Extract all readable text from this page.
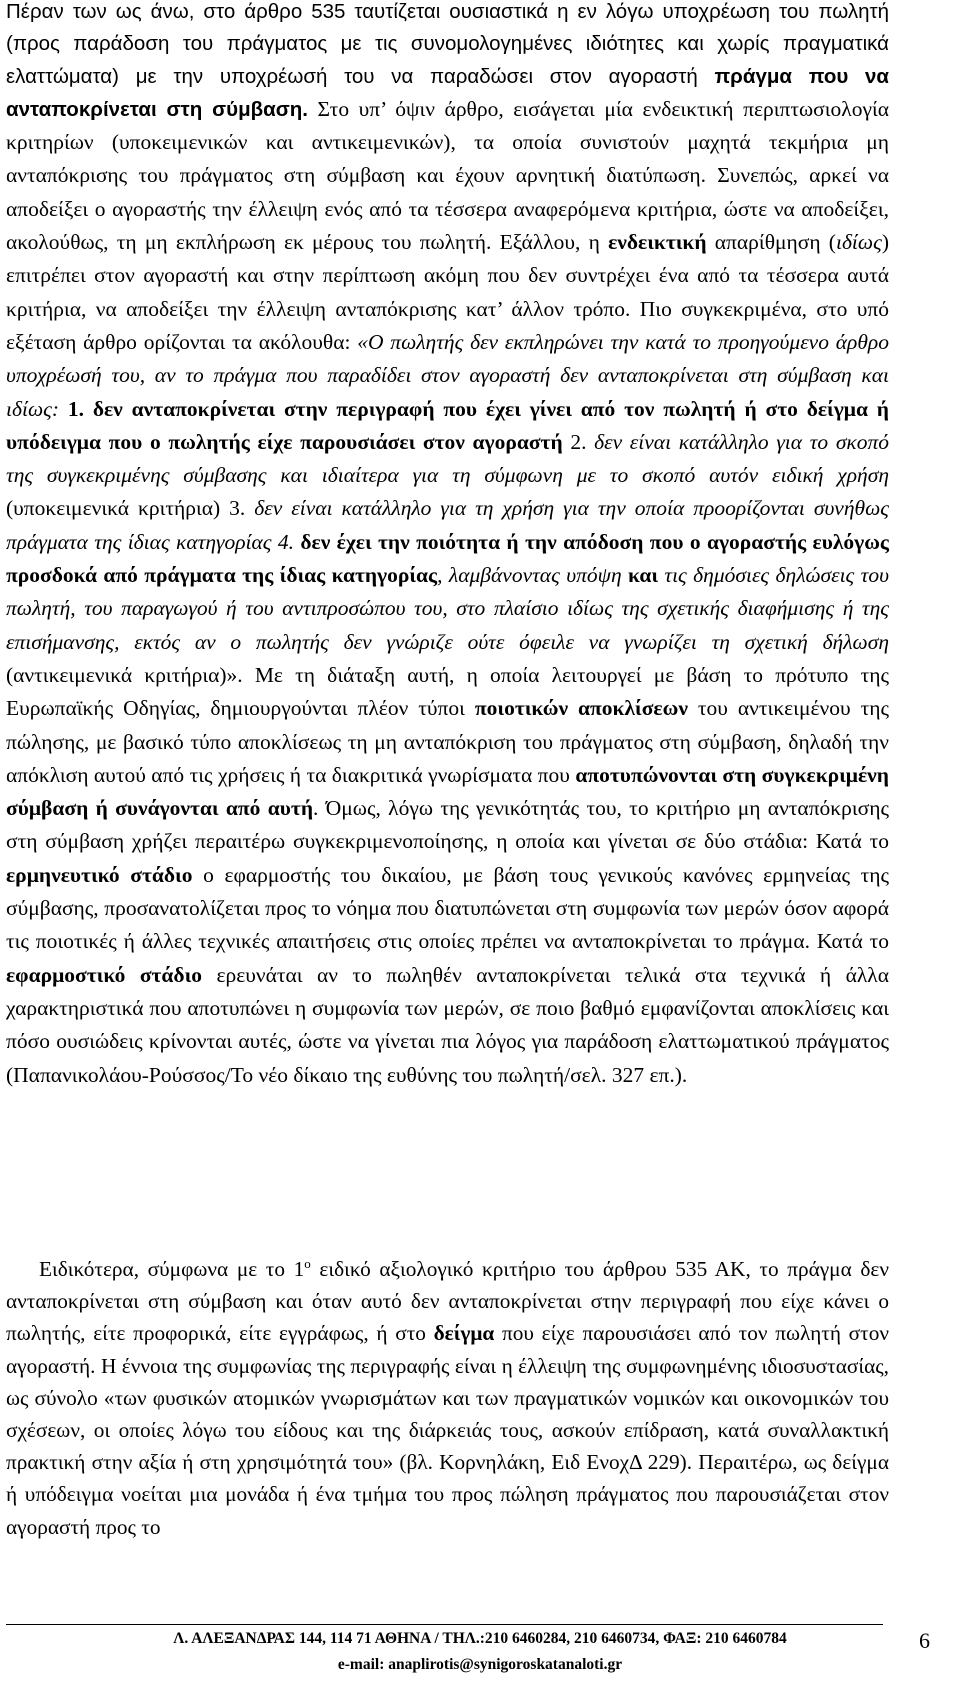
Πέραν των ως άνω, στο άρθρο 535 ταυτίζεται ουσιαστικά η εν λόγω υποχρέωση του πωλητή (προς παράδοση του πράγματος με τις συνομολογημένες ιδιότητες και χωρίς πραγματικά ελαττώματα) με την υποχρέωσή του να παραδώσει στον αγοραστή πράγμα που να ανταποκρίνεται στη σύμβαση. Στο υπ’ όψιν άρθρο, εισάγεται μία ενδεικτική περιπτωσιολογία κριτηρίων (υποκειμενικών και αντικειμενικών), τα οποία συνιστούν μαχητά τεκμήρια μη ανταπόκρισης του πράγματος στη σύμβαση και έχουν αρνητική διατύπωση. Συνεπώς, αρκεί να αποδείξει ο αγοραστής την έλλειψη ενός από τα τέσσερα αναφερόμενα κριτήρια, ώστε να αποδείξει, ακολούθως, τη μη εκπλήρωση εκ μέρους του πωλητή. Εξάλλου, η ενδεικτική απαρίθμηση (ιδίως) επιτρέπει στον αγοραστή και στην περίπτωση ακόμη που δεν συντρέχει ένα από τα τέσσερα αυτά κριτήρια, να αποδείξει την έλλειψη ανταπόκρισης κατ’ άλλον τρόπο. Πιο συγκεκριμένα, στο υπό εξέταση άρθρο ορίζονται τα ακόλουθα: «Ο πωλητής δεν εκπληρώνει την κατά το προηγούμενο άρθρο υποχρέωσή του, αν το πράγμα που παραδίδει στον αγοραστή δεν ανταποκρίνεται στη σύμβαση και ιδίως: 1. δεν ανταποκρίνεται στην περιγραφή που έχει γίνει από τον πωλητή ή στο δείγμα ή υπόδειγμα που ο πωλητής είχε παρουσιάσει στον αγοραστή 2. δεν είναι κατάλληλο για το σκοπό της συγκεκριμένης σύμβασης και ιδιαίτερα για τη σύμφωνη με το σκοπό αυτόν ειδική χρήση (υποκειμενικά κριτήρια) 3. δεν είναι κατάλληλο για τη χρήση για την οποία προορίζονται συνήθως πράγματα της ίδιας κατηγορίας 4. δεν έχει την ποιότητα ή την απόδοση που ο αγοραστής ευλόγως προσδοκά από πράγματα της ίδιας κατηγορίας, λαμβάνοντας υπόψη και τις δημόσιες δηλώσεις του πωλητή, του παραγωγού ή του αντιπροσώπου του, στο πλαίσιο ιδίως της σχετικής διαφήμισης ή της επισήμανσης, εκτός αν ο πωλητής δεν γνώριζε ούτε όφειλε να γνωρίζει τη σχετική δήλωση (αντικειμενικά κριτήρια)». Με τη διάταξη αυτή, η οποία λειτουργεί με βάση το πρότυπο της Ευρωπαϊκής Οδηγίας, δημιουργούνται πλέον τύποι ποιοτικών αποκλίσεων του αντικειμένου της πώλησης, με βασικό τύπο αποκλίσεως τη μη ανταπόκριση του πράγματος στη σύμβαση, δηλαδή την απόκλιση αυτού από τις χρήσεις ή τα διακριτικά γνωρίσματα που αποτυπώνονται στη συγκεκριμένη σύμβαση ή συνάγονται από αυτή. Όμως, λόγω της γενικότητάς του, το κριτήριο μη ανταπόκρισης στη σύμβαση χρήζει περαιτέρω συγκεκριμενοποίησης, η οποία και γίνεται σε δύο στάδια: Κατά το ερμηνευτικό στάδιο ο εφαρμοστής του δικαίου, με βάση τους γενικούς κανόνες ερμηνείας της σύμβασης, προσανατολίζεται προς το νόημα που διατυπώνεται στη συμφωνία των μερών όσον αφορά τις ποιοτικές ή άλλες τεχνικές απαιτήσεις στις οποίες πρέπει να ανταποκρίνεται το πράγμα. Κατά το εφαρμοστικό στάδιο ερευνάται αν το πωληθέν ανταποκρίνεται τελικά στα τεχνικά ή άλλα χαρακτηριστικά που αποτυπώνει η συμφωνία των μερών, σε ποιο βαθμό εμφανίζονται αποκλίσεις και πόσο ουσιώδεις κρίνονται αυτές, ώστε να γίνεται πια λόγος για παράδοση ελαττωματικού πράγματος (Παπανικολάου-Ρούσσος/Το νέο δίκαιο της ευθύνης του πωλητή/σελ. 327 επ.).

Ειδικότερα, σύμφωνα με το $1^o$ ειδικό αξιολογικό κριτήριο του άρθρου 535 ΑΚ, το πράγμα δεν ανταποκρίνεται στη σύμβαση και όταν αυτό δεν ανταποκρίνεται στην περιγραφή που είχε κάνει ο πωλητής, είτε προφορικά, είτε εγγράφως, ή στο δείγμα που είχε παρουσιάσει από τον πωλητή στον αγοραστή. Η έννοια της συμφωνίας της περιγραφής είναι η έλλειψη της συμφωνημένης ιδιοσυστασίας, ως σύνολο «των φυσικών ατομικών γνωρισμάτων και των πραγματικών νομικών και οικονομικών του σχέσεων, οι οποίες λόγω του είδους και της διάρκειάς τους, ασκούν επίδραση, κατά συναλλακτική πρακτική στην αξία ή στη χρησιμότητά του» (βλ. Κορνηλάκη, Ειδ ΕνοχΔ 229). Περαιτέρω, ως δείγμα ή υπόδειγμα νοείται μια μονάδα ή ένα τμήμα του προς πώληση πράγματος που παρουσιάζεται στον αγοραστή προς το

Λ. ΑΛΕΞΑΝΔΡΑΣ 144, 114 71 ΑΘΗΝΑ / ΤΗΛ.:210 6460284, 210 6460734, ΦΑΞ: 210 6460784
e-mail: anaplirotis@synigoroskatanaloti.gr
6
